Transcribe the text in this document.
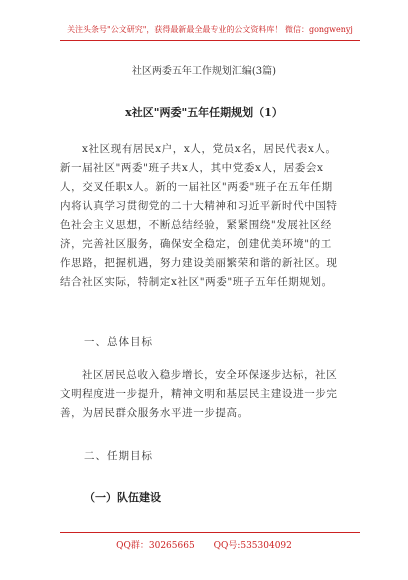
关注头条号"公文研究"，获得最新最全最专业的公文资料库！ 微信：gongwenyj
社区两委五年工作规划汇编(3篇)
x社区"两委"五年任期规划（1）
x社区现有居民x户，x人，党员x名，居民代表x人。
新一届社区"两委"班子共x人，其中党委x人，居委会x
人，交叉任职x人。新的一届社区"两委"班子在五年任期
内将认真学习贯彻党的二十大精神和习近平新时代中国特
色社会主义思想，不断总结经验，紧紧围绕"发展社区经
济，完善社区服务，确保安全稳定，创建优美环境"的工
作思路，把握机遇，努力建设美丽繁荣和谐的新社区。现
结合社区实际，特制定x社区"两委"班子五年任期规划。
一、总体目标
社区居民总收入稳步增长，安全环保逐步达标，社区
文明程度进一步提升，精神文明和基层民主建设进一步完
善，为居民群众服务水平进一步提高。
二、任期目标
（一）队伍建设
QQ群：30265665 QQ号:535304092
